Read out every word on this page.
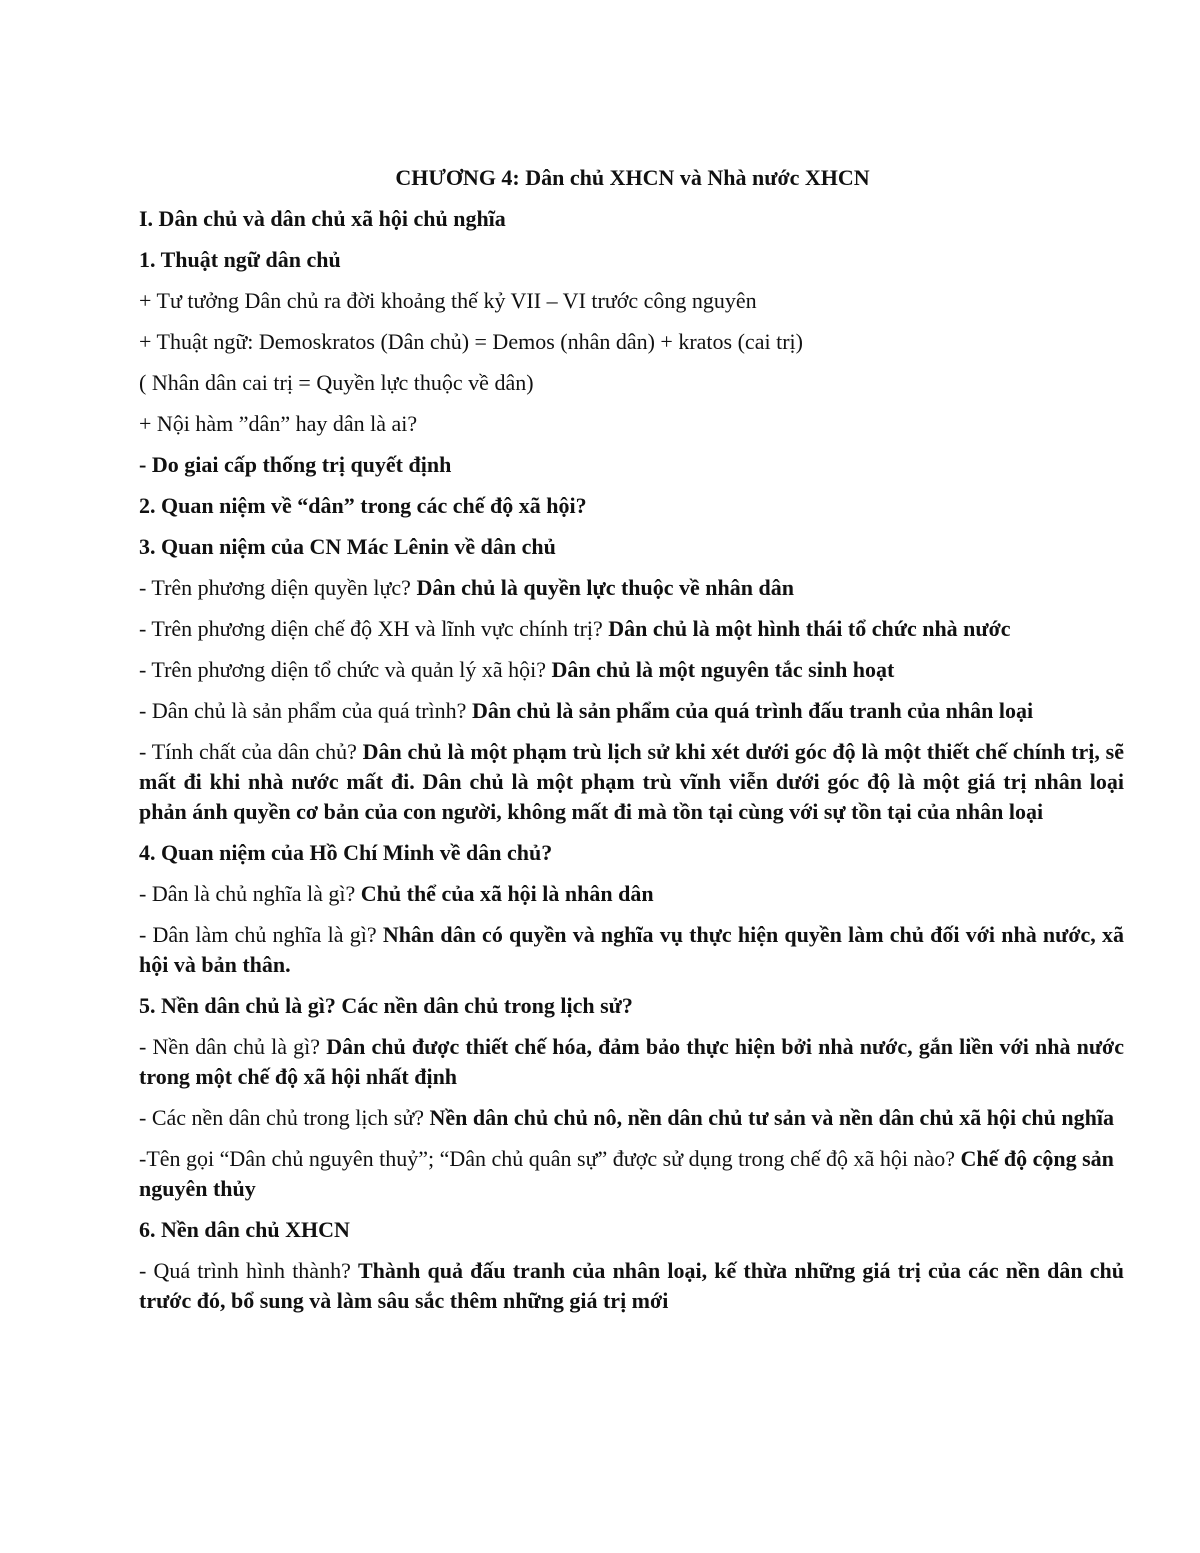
CHƯƠNG 4: Dân chủ XHCN và Nhà nước XHCN
I. Dân chủ và dân chủ xã hội chủ nghĩa
1. Thuật ngữ dân chủ
+ Tư tưởng Dân chủ ra đời khoảng thế kỷ VII – VI trước công nguyên
+ Thuật ngữ: Demoskratos (Dân chủ) = Demos (nhân dân) + kratos (cai trị)
( Nhân dân cai trị = Quyền lực thuộc về dân)
+ Nội hàm ”dân” hay dân là ai?
- Do giai cấp thống trị quyết định
2. Quan niệm về “dân” trong các chế độ xã hội?
3. Quan niệm của CN Mác Lênin về dân chủ
- Trên phương diện quyền lực? Dân chủ là quyền lực thuộc về nhân dân
- Trên phương diện chế độ XH và lĩnh vực chính trị? Dân chủ là một hình thái tổ chức nhà nước
- Trên phương diện tổ chức và quản lý xã hội? Dân chủ là một nguyên tắc sinh hoạt
- Dân chủ là sản phẩm của quá trình? Dân chủ là sản phẩm của quá trình đấu tranh của nhân loại
- Tính chất của dân chủ? Dân chủ là một phạm trù lịch sử khi xét dưới góc độ là một thiết chế chính trị, sẽ mất đi khi nhà nước mất đi. Dân chủ là một phạm trù vĩnh viễn dưới góc độ là một giá trị nhân loại phản ánh quyền cơ bản của con người, không mất đi mà tồn tại cùng với sự tồn tại của nhân loại
4. Quan niệm của Hồ Chí Minh về dân chủ?
- Dân là chủ nghĩa là gì? Chủ thể của xã hội là nhân dân
- Dân làm chủ nghĩa là gì? Nhân dân có quyền và nghĩa vụ thực hiện quyền làm chủ đối với nhà nước, xã hội và bản thân.
5. Nền dân chủ là gì? Các nền dân chủ trong lịch sử?
- Nền dân chủ là gì? Dân chủ được thiết chế hóa, đảm bảo thực hiện bởi nhà nước, gắn liền với nhà nước trong một chế độ xã hội nhất định
- Các nền dân chủ trong lịch sử? Nền dân chủ chủ nô, nền dân chủ tư sản và nền dân chủ xã hội chủ nghĩa
-Tên gọi “Dân chủ nguyên thuỷ”; “Dân chủ quân sự” được sử dụng trong chế độ xã hội nào? Chế độ cộng sản nguyên thủy
6. Nền dân chủ XHCN
- Quá trình hình thành? Thành quả đấu tranh của nhân loại, kế thừa những giá trị của các nền dân chủ trước đó, bổ sung và làm sâu sắc thêm những giá trị mới
